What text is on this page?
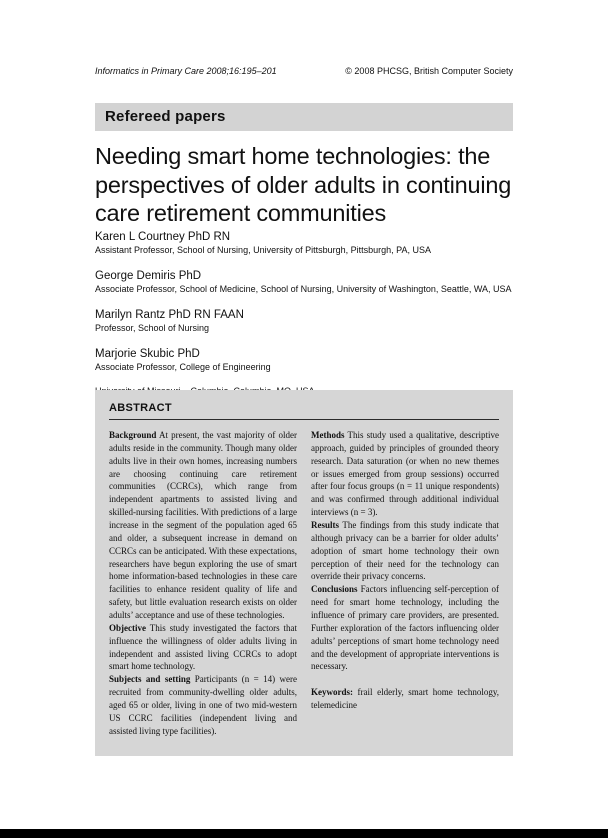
Informatics in Primary Care 2008;16:195–201	© 2008 PHCSG, British Computer Society
Refereed papers
Needing smart home technologies: the perspectives of older adults in continuing care retirement communities
Karen L Courtney PhD RN
Assistant Professor, School of Nursing, University of Pittsburgh, Pittsburgh, PA, USA
George Demiris PhD
Associate Professor, School of Medicine, School of Nursing, University of Washington, Seattle, WA, USA
Marilyn Rantz PhD RN FAAN
Professor, School of Nursing
Marjorie Skubic PhD
Associate Professor, College of Engineering
ABSTRACT

Background At present, the vast majority of older adults reside in the community. Though many older adults live in their own homes, increasing numbers are choosing continuing care retirement communities (CCRCs), which range from independent apartments to assisted living and skilled-nursing facilities. With predictions of a large increase in the segment of the population aged 65 and older, a subsequent increase in demand on CCRCs can be anticipated. With these expectations, researchers have begun exploring the use of smart home information-based technologies in these care facilities to enhance resident quality of life and safety, but little evaluation research exists on older adults’ acceptance and use of these technologies.

Objective This study investigated the factors that influence the willingness of older adults living in independent and assisted living CCRCs to adopt smart home technology.

Subjects and setting Participants (n = 14) were recruited from community-dwelling older adults, aged 65 or older, living in one of two mid-western US CCRC facilities (independent living and assisted living type facilities).

Methods This study used a qualitative, descriptive approach, guided by principles of grounded theory research. Data saturation (or when no new themes or issues emerged from group sessions) occurred after four focus groups (n = 11 unique respondents) and was confirmed through additional individual interviews (n = 3).

Results The findings from this study indicate that although privacy can be a barrier for older adults’ adoption of smart home technology their own perception of their need for the technology can override their privacy concerns.

Conclusions Factors influencing self-perception of need for smart home technology, including the influence of primary care providers, are presented. Further exploration of the factors influencing older adults’ perceptions of smart home technology need and the development of appropriate interventions is necessary.

Keywords: frail elderly, smart home technology, telemedicine
